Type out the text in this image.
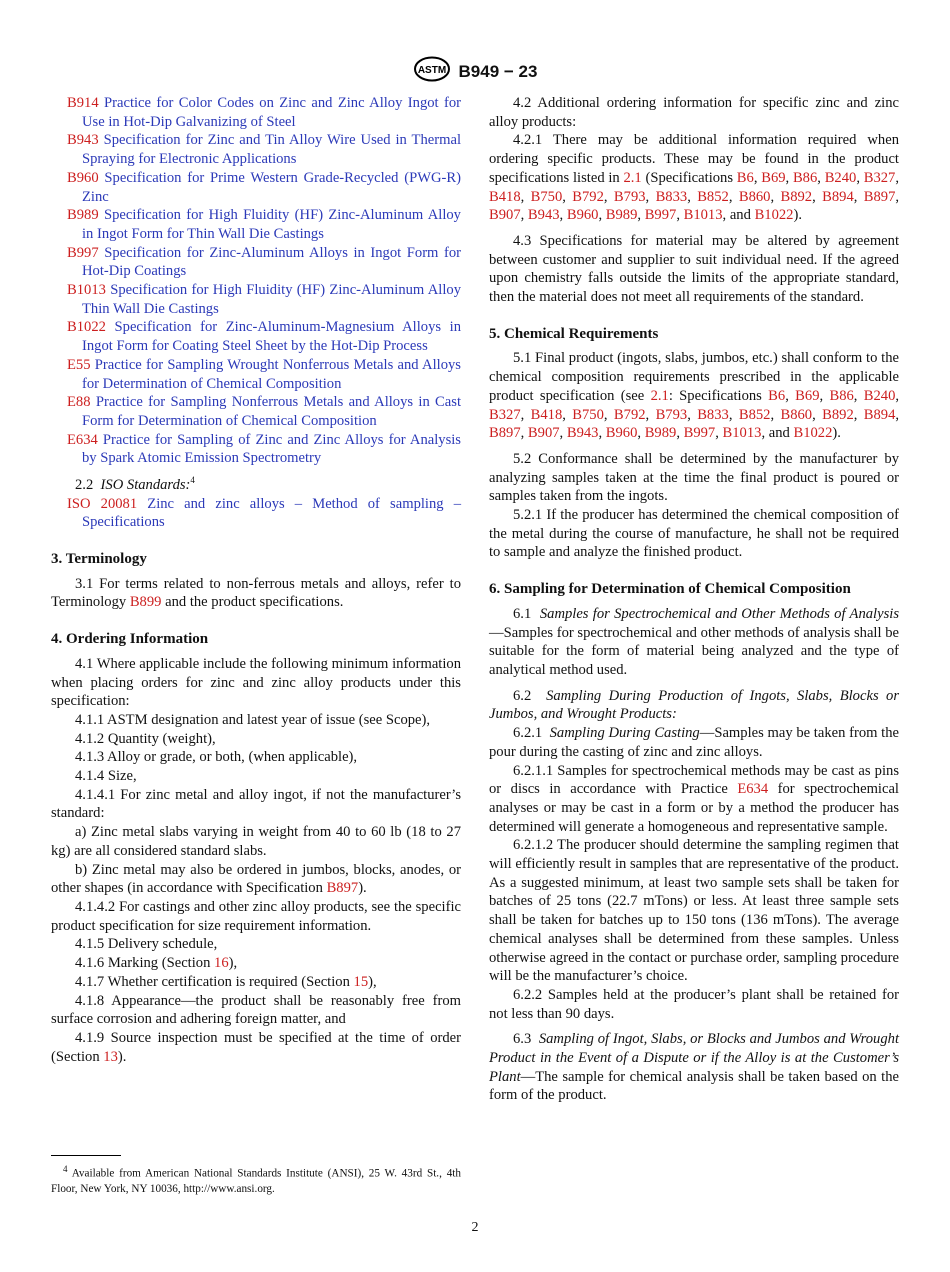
ASTM B949 − 23

B914 Practice for Color Codes on Zinc and Zinc Alloy Ingot for Use in Hot-Dip Galvanizing of Steel

B943 Specification for Zinc and Tin Alloy Wire Used in Thermal Spraying for Electronic Applications

B960 Specification for Prime Western Grade-Recycled (PWG-R) Zinc

B989 Specification for High Fluidity (HF) Zinc-Aluminum Alloy in Ingot Form for Thin Wall Die Castings

B997 Specification for Zinc-Aluminum Alloys in Ingot Form for Hot-Dip Coatings

B1013 Specification for High Fluidity (HF) Zinc-Aluminum Alloy Thin Wall Die Castings

B1022 Specification for Zinc-Aluminum-Magnesium Alloys in Ingot Form for Coating Steel Sheet by the Hot-Dip Process

E55 Practice for Sampling Wrought Nonferrous Metals and Alloys for Determination of Chemical Composition

E88 Practice for Sampling Nonferrous Metals and Alloys in Cast Form for Determination of Chemical Composition

E634 Practice for Sampling of Zinc and Zinc Alloys for Analysis by Spark Atomic Emission Spectrometry

2.2 ISO Standards:$^4$

ISO 20081 Zinc and zinc alloys – Method of sampling – Specifications

3. Terminology

3.1 For terms related to non-ferrous metals and alloys, refer to Terminology B899 and the product specifications.

4. Ordering Information

4.1 Where applicable include the following minimum information when placing orders for zinc and zinc alloy products under this specification:

4.1.1 ASTM designation and latest year of issue (see Scope),

4.1.2 Quantity (weight),

4.1.3 Alloy or grade, or both, (when applicable),

4.1.4 Size,

4.1.4.1 For zinc metal and alloy ingot, if not the manufacturer’s standard:

a) Zinc metal slabs varying in weight from 40 to 60 lb (18 to 27 kg) are all considered standard slabs.

b) Zinc metal may also be ordered in jumbos, blocks, anodes, or other shapes (in accordance with Specification B897).

4.1.4.2 For castings and other zinc alloy products, see the specific product specification for size requirement information.

4.1.5 Delivery schedule,

4.1.6 Marking (Section 16),

4.1.7 Whether certification is required (Section 15),

4.1.8 Appearance—the product shall be reasonably free from surface corrosion and adhering foreign matter, and

4.1.9 Source inspection must be specified at the time of order (Section 13).

4.2 Additional ordering information for specific zinc and zinc alloy products:

4.2.1 There may be additional information required when ordering specific products. These may be found in the product specifications listed in 2.1 (Specifications B6, B69, B86, B240, B327, B418, B750, B792, B793, B833, B852, B860, B892, B894, B897, B907, B943, B960, B989, B997, B1013, and B1022).

4.3 Specifications for material may be altered by agreement between customer and supplier to suit individual need. If the agreed upon chemistry falls outside the limits of the appropriate standard, then the material does not meet all requirements of the standard.

5. Chemical Requirements

5.1 Final product (ingots, slabs, jumbos, etc.) shall conform to the chemical composition requirements prescribed in the applicable product specification (see 2.1: Specifications B6, B69, B86, B240, B327, B418, B750, B792, B793, B833, B852, B860, B892, B894, B897, B907, B943, B960, B989, B997, B1013, and B1022).

5.2 Conformance shall be determined by the manufacturer by analyzing samples taken at the time the final product is poured or samples taken from the ingots.

5.2.1 If the producer has determined the chemical composition of the metal during the course of manufacture, he shall not be required to sample and analyze the finished product.

6. Sampling for Determination of Chemical Composition

6.1 Samples for Spectrochemical and Other Methods of Analysis—Samples for spectrochemical and other methods of analysis shall be suitable for the form of material being analyzed and the type of analytical method used.

6.2 Sampling During Production of Ingots, Slabs, Blocks or Jumbos, and Wrought Products:

6.2.1 Sampling During Casting—Samples may be taken from the pour during the casting of zinc and zinc alloys.

6.2.1.1 Samples for spectrochemical methods may be cast as pins or discs in accordance with Practice E634 for spectrochemical analyses or may be cast in a form or by a method the producer has determined will generate a homogeneous and representative sample.

6.2.1.2 The producer should determine the sampling regimen that will efficiently result in samples that are representative of the product. As a suggested minimum, at least two sample sets shall be taken for batches of 25 tons (22.7 mTons) or less. At least three sample sets shall be taken for batches up to 150 tons (136 mTons). The average chemical analyses shall be determined from these samples. Unless otherwise agreed in the contact or purchase order, sampling procedure will be the manufacturer’s choice.

6.2.2 Samples held at the producer’s plant shall be retained for not less than 90 days.

6.3 Sampling of Ingot, Slabs, or Blocks and Jumbos and Wrought Product in the Event of a Dispute or if the Alloy is at the Customer’s Plant—The sample for chemical analysis shall be taken based on the form of the product.

$^4$ Available from American National Standards Institute (ANSI), 25 W. 43rd St., 4th Floor, New York, NY 10036, http://www.ansi.org.
2
